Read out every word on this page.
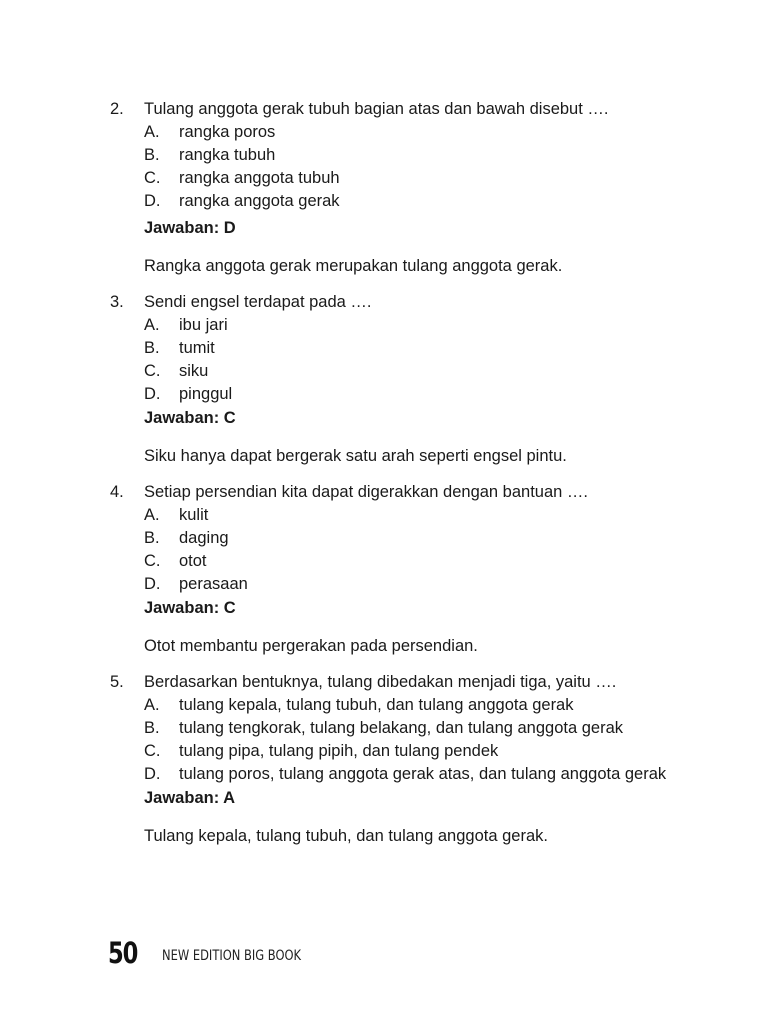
2. Tulang anggota gerak tubuh bagian atas dan bawah disebut ….
A. rangka poros
B. rangka tubuh
C. rangka anggota tubuh
D. rangka anggota gerak
Jawaban: D
Rangka anggota gerak merupakan tulang anggota gerak.
3. Sendi engsel terdapat pada ….
A. ibu jari
B. tumit
C. siku
D. pinggul
Jawaban: C
Siku hanya dapat bergerak satu arah seperti engsel pintu.
4. Setiap persendian kita dapat digerakkan dengan bantuan ….
A. kulit
B. daging
C. otot
D. perasaan
Jawaban: C
Otot membantu pergerakan pada persendian.
5. Berdasarkan bentuknya, tulang dibedakan menjadi tiga, yaitu ….
A. tulang kepala, tulang tubuh, dan tulang anggota gerak
B. tulang tengkorak, tulang belakang, dan tulang anggota gerak
C. tulang pipa, tulang pipih, dan tulang pendek
D. tulang poros, tulang anggota gerak atas, dan tulang anggota gerak
Jawaban: A
Tulang kepala, tulang tubuh, dan tulang anggota gerak.
50 NEW EDITION BIG BOOK
